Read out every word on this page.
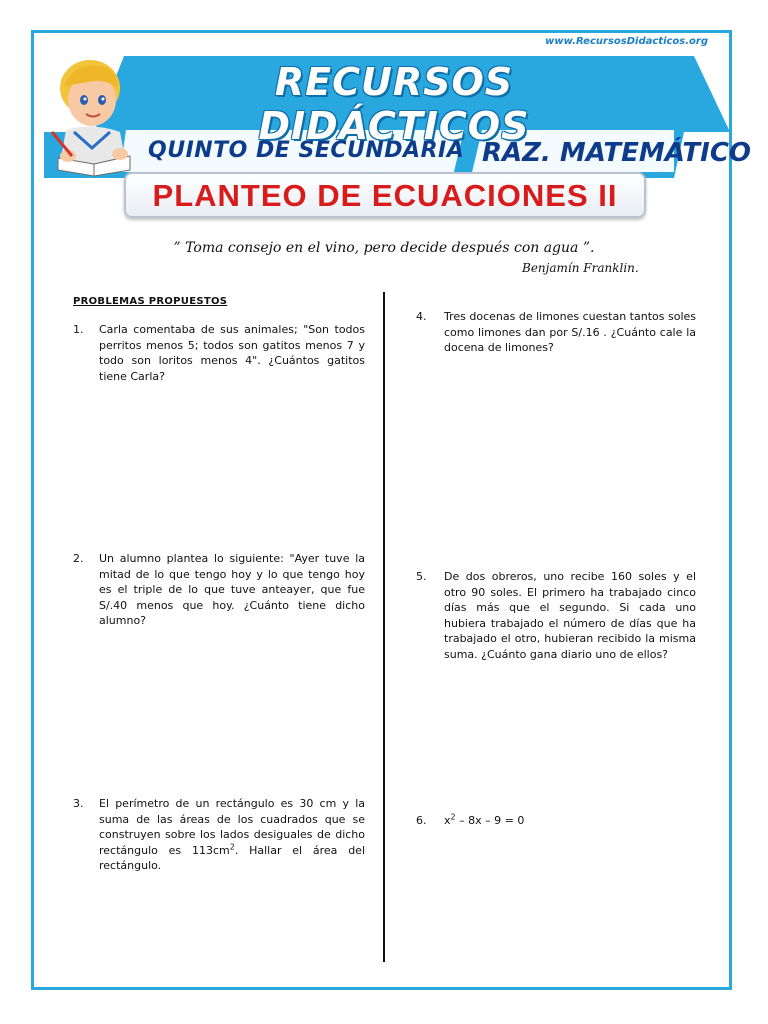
www.RecursosDidacticos.org
RECURSOS DIDÁCTICOS
QUINTO DE SECUNDARIA RAZ. MATEMÁTICO
PLANTEO DE ECUACIONES II
” Toma consejo en el vino, pero decide después con agua ”.
Benjamín Franklin.
PROBLEMAS PROPUESTOS
1. Carla comentaba de sus animales; "Son todos perritos menos 5; todos son gatitos menos 7 y todo son loritos menos 4". ¿Cuántos gatitos tiene Carla?
2. Un alumno plantea lo siguiente: "Ayer tuve la mitad de lo que tengo hoy y lo que tengo hoy es el triple de lo que tuve anteayer, que fue S/.40 menos que hoy. ¿Cuánto tiene dicho alumno?
3. El perímetro de un rectángulo es 30 cm y la suma de las áreas de los cuadrados que se construyen sobre los lados desiguales de dicho rectángulo es $113cm^2$. Hallar el área del rectángulo.
4. Tres docenas de limones cuestan tantos soles como limones dan por S/.16 . ¿Cuánto cale la docena de limones?
5. De dos obreros, uno recibe 160 soles y el otro 90 soles. El primero ha trabajado cinco días más que el segundo. Si cada uno hubiera trabajado el número de días que ha trabajado el otro, hubieran recibido la misma suma. ¿Cuánto gana diario uno de ellos?
6. $x^2 - 8x - 9 = 0$
